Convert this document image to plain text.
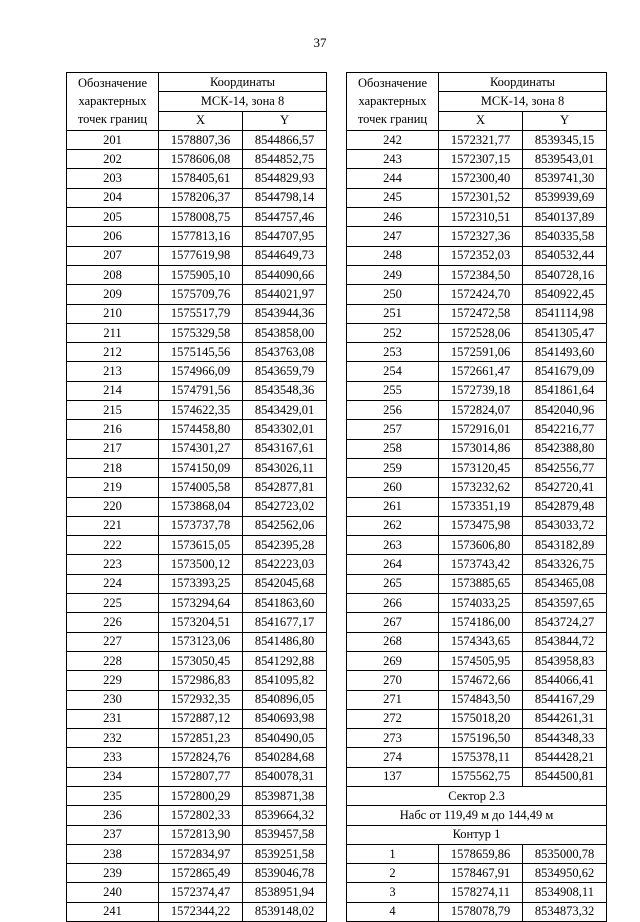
37
Обозначение
характерных
точек границ	Координаты	
	МСК-14, зона 8	
	X	Y
201	1578807,36	8544866,57
202	1578606,08	8544852,75
203	1578405,61	8544829,93
204	1578206,37	8544798,14
205	1578008,75	8544757,46
206	1577813,16	8544707,95
207	1577619,98	8544649,73
208	1575905,10	8544090,66
209	1575709,76	8544021,97
210	1575517,79	8543944,36
211	1575329,58	8543858,00
212	1575145,56	8543763,08
213	1574966,09	8543659,79
214	1574791,56	8543548,36
215	1574622,35	8543429,01
216	1574458,80	8543302,01
217	1574301,27	8543167,61
218	1574150,09	8543026,11
219	1574005,58	8542877,81
220	1573868,04	8542723,02
221	1573737,78	8542562,06
222	1573615,05	8542395,28
223	1573500,12	8542223,03
224	1573393,25	8542045,68
225	1573294,64	8541863,60
226	1573204,51	8541677,17
227	1573123,06	8541486,80
228	1573050,45	8541292,88
229	1572986,83	8541095,82
230	1572932,35	8540896,05
231	1572887,12	8540693,98
232	1572851,23	8540490,05
233	1572824,76	8540284,68
234	1572807,77	8540078,31
235	1572800,29	8539871,38
236	1572802,33	8539664,32
237	1572813,90	8539457,58
238	1572834,97	8539251,58
239	1572865,49	8539046,78
240	1572374,47	8538951,94
241	1572344,22	8539148,02
Обозначение
характерных
точек границ	Координаты	
	МСК-14, зона 8	
	X	Y
242	1572321,77	8539345,15
243	1572307,15	8539543,01
244	1572300,40	8539741,30
245	1572301,52	8539939,69
246	1572310,51	8540137,89
247	1572327,36	8540335,58
248	1572352,03	8540532,44
249	1572384,50	8540728,16
250	1572424,70	8540922,45
251	1572472,58	8541114,98
252	1572528,06	8541305,47
253	1572591,06	8541493,60
254	1572661,47	8541679,09
255	1572739,18	8541861,64
256	1572824,07	8542040,96
257	1572916,01	8542216,77
258	1573014,86	8542388,80
259	1573120,45	8542556,77
260	1573232,62	8542720,41
261	1573351,19	8542879,48
262	1573475,98	8543033,72
263	1573606,80	8543182,89
264	1573743,42	8543326,75
265	1573885,65	8543465,08
266	1574033,25	8543597,65
267	1574186,00	8543724,27
268	1574343,65	8543844,72
269	1574505,95	8543958,83
270	1574672,66	8544066,41
271	1574843,50	8544167,29
272	1575018,20	8544261,31
273	1575196,50	8544348,33
274	1575378,11	8544428,21
137	1575562,75	8544500,81
Сектор 2.3		
Набс от 119,49 м до 144,49 м		
Контур 1		
1	1578659,86	8535000,78
2	1578467,91	8534950,62
3	1578274,11	8534908,11
4	1578078,79	8534873,32
